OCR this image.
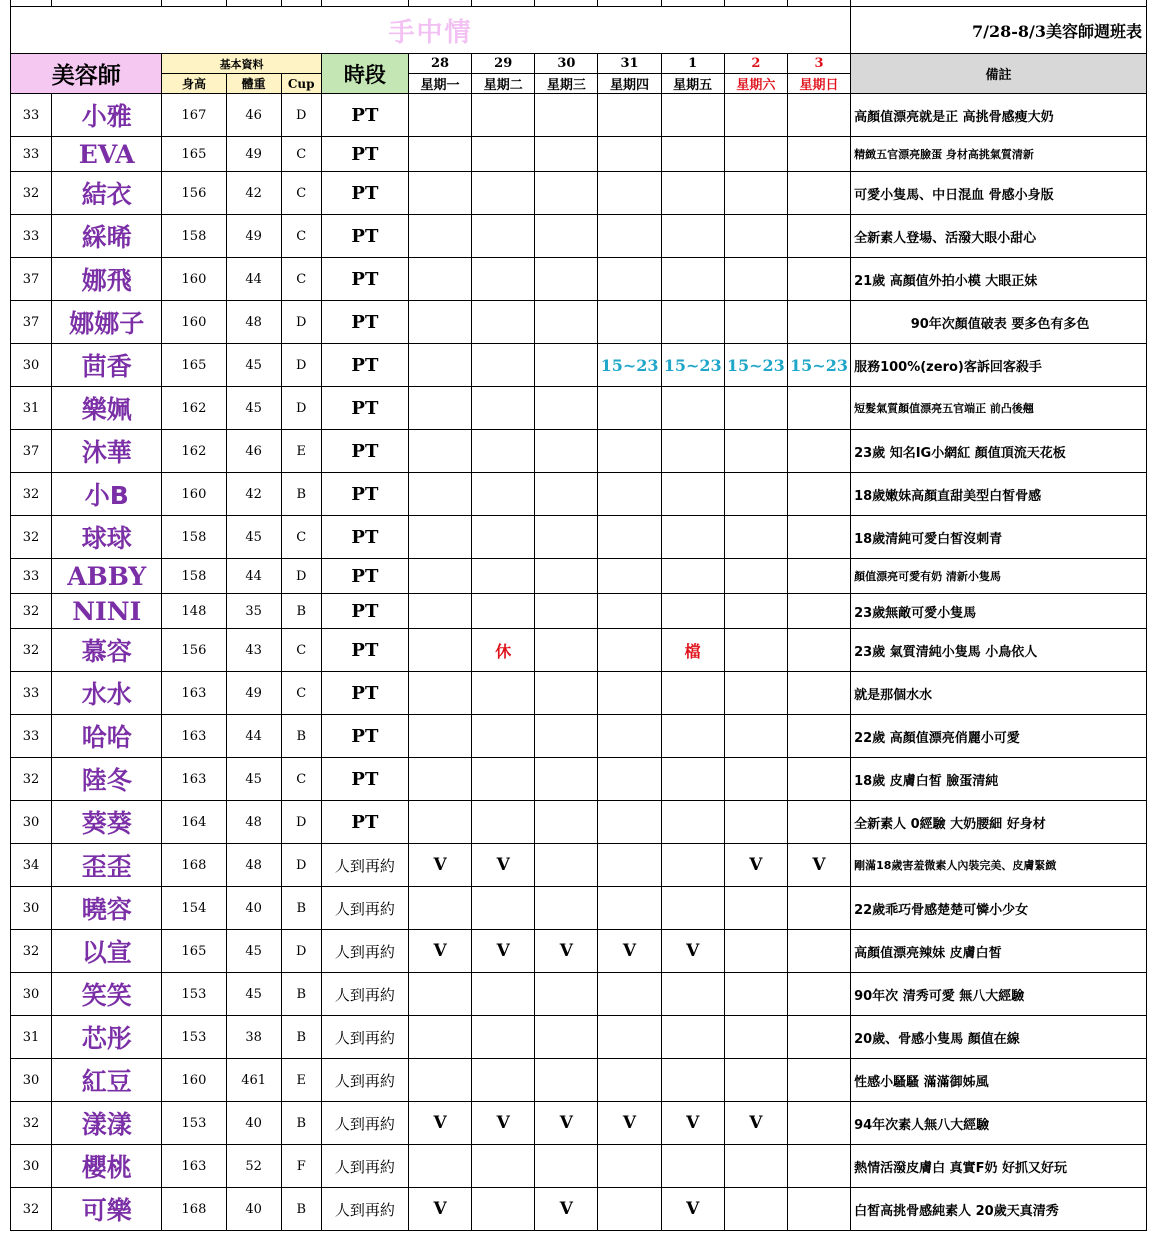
手中情													7/28-8/3美容師週班表
美容師		基本資料			時段	28	29	30	31	1	2	3	備註
		身高	體重	Cup		星期一	星期二	星期三	星期四	星期五	星期六	星期日	
33	小雅	167	46	D	PT								高顏值漂亮就是正 高挑骨感瘦大奶
33	EVA	165	49	C	PT								精緻五官漂亮臉蛋 身材高挑氣質清新
32	結衣	156	42	C	PT								可愛小隻馬、中日混血 骨感小身版
33	綵晞	158	49	C	PT								全新素人登場、活潑大眼小甜心
37	娜飛	160	44	C	PT								21歲 高顏值外拍小模 大眼正妹
37	娜娜子	160	48	D	PT								90年次顏值破表 要多色有多色
30	茴香	165	45	D	PT				15~23	15~23	15~23	15~23	服務100%(zero)客訴回客殺手
31	樂姵	162	45	D	PT								短髮氣質顏值漂亮五官端正 前凸後翹
37	沐華	162	46	E	PT								23歲 知名IG小網紅 顏值頂流天花板
32	小B	160	42	B	PT								18歲嫩妹高顏直甜美型白皙骨感
32	球球	158	45	C	PT								18歲清純可愛白皙沒刺青
33	ABBY	158	44	D	PT								顏值漂亮可愛有奶 清新小隻馬
32	NINI	148	35	B	PT								23歲無敵可愛小隻馬
32	慕容	156	43	C	PT		休			檔			23歲 氣質清純小隻馬 小鳥依人
33	水水	163	49	C	PT								就是那個水水
33	哈哈	163	44	B	PT								22歲 高顏值漂亮俏麗小可愛
32	陸冬	163	45	C	PT								18歲 皮膚白皙 臉蛋清純
30	葵葵	164	48	D	PT								全新素人 0經驗 大奶腰細 好身材
34	歪歪	168	48	D	人到再約	V	V				V	V	剛滿18歲害羞微素人內裝完美、皮膚緊緻
30	曉容	154	40	B	人到再約								22歲乖巧骨感楚楚可憐小少女
32	以宣	165	45	D	人到再約	V	V	V	V	V			高顏值漂亮辣妹 皮膚白皙
30	笑笑	153	45	B	人到再約								90年次 清秀可愛 無八大經驗
31	芯彤	153	38	B	人到再約								20歲、骨感小隻馬 顏值在線
30	紅豆	160	461	E	人到再約								性感小騷騷 滿滿御姊風
32	漾漾	153	40	B	人到再約	V	V	V	V	V	V		94年次素人無八大經驗
30	櫻桃	163	52	F	人到再約								熱情活潑皮膚白 真實F奶 好抓又好玩
32	可樂	168	40	B	人到再約	V		V		V			白皙高挑骨感純素人 20歲天真清秀
